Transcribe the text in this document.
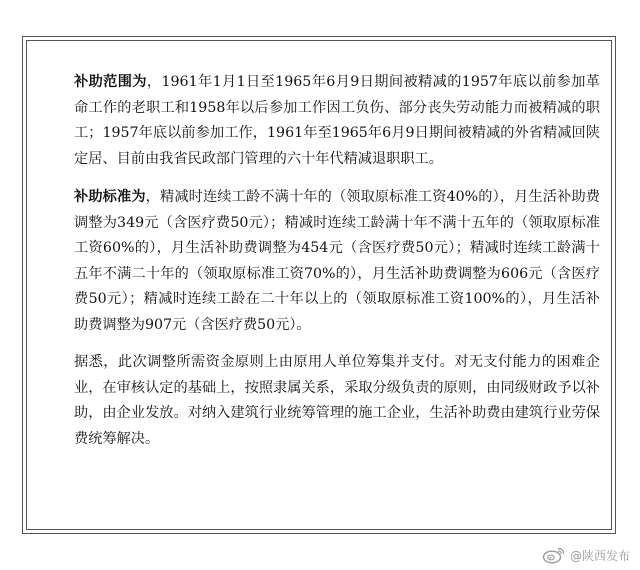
补助范围为，1961年1月1日至1965年6月9日期间被精减的1957年底以前参加革命工作的老职工和1958年以后参加工作因工负伤、部分丧失劳动能力而被精减的职工；1957年底以前参加工作，1961年至1965年6月9日期间被精减的外省精减回陕定居、目前由我省民政部门管理的六十年代精减退职职工。

补助标准为，精减时连续工龄不满十年的（领取原标准工资40%的），月生活补助费调整为349元（含医疗费50元）；精减时连续工龄满十年不满十五年的（领取原标准工资60%的），月生活补助费调整为454元（含医疗费50元）；精减时连续工龄满十五年不满二十年的（领取原标准工资70%的），月生活补助费调整为606元（含医疗费50元）；精减时连续工龄在二十年以上的（领取原标准工资100%的），月生活补助费调整为907元（含医疗费50元）。

据悉，此次调整所需资金原则上由原用人单位筹集并支付。对无支付能力的困难企业，在审核认定的基础上，按照隶属关系，采取分级负责的原则，由同级财政予以补助，由企业发放。对纳入建筑行业统筹管理的施工企业，生活补助费由建筑行业劳保费统筹解决。

@陕西发布
